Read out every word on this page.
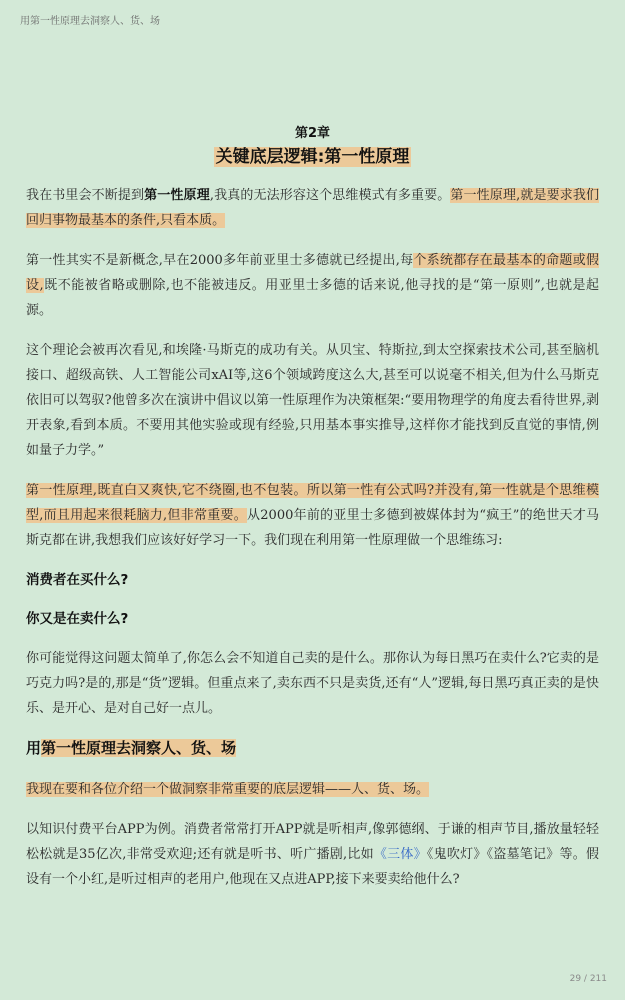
用第一性原理去洞察人、货、场
第2章
关键底层逻辑:第一性原理

我在书里会不断提到第一性原理,我真的无法形容这个思维模式有多重要。第一性原理,就是要求我们回归事物最基本的条件,只看本质。

第一性其实不是新概念,早在2000多年前亚里士多德就已经提出,每个系统都存在最基本的命题或假设,既不能被省略或删除,也不能被违反。用亚里士多德的话来说,他寻找的是“第一原则”,也就是起源。

这个理论会被再次看见,和埃隆·马斯克的成功有关。从贝宝、特斯拉,到太空探索技术公司,甚至脑机接口、超级高铁、人工智能公司xAI等,这6个领域跨度这么大,甚至可以说毫不相关,但为什么马斯克依旧可以驾驭?他曾多次在演讲中倡议以第一性原理作为决策框架:“要用物理学的角度去看待世界,剥开表象,看到本质。不要用其他实验或现有经验,只用基本事实推导,这样你才能找到反直觉的事情,例如量子力学。”

第一性原理,既直白又爽快,它不绕圈,也不包装。所以第一性有公式吗?并没有,第一性就是个思维模型,而且用起来很耗脑力,但非常重要。从2000年前的亚里士多德到被媒体封为“疯王”的绝世天才马斯克都在讲,我想我们应该好好学习一下。我们现在利用第一性原理做一个思维练习:

消费者在买什么?

你又是在卖什么?

你可能觉得这问题太简单了,你怎么会不知道自己卖的是什么。那你认为每日黑巧在卖什么?它卖的是巧克力吗?是的,那是“货”逻辑。但重点来了,卖东西不只是卖货,还有“人”逻辑,每日黑巧真正卖的是快乐、是开心、是对自己好一点儿。

用第一性原理去洞察人、货、场

我现在要和各位介绍一个做洞察非常重要的底层逻辑——人、货、场。

以知识付费平台APP为例。消费者常常打开APP就是听相声,像郭德纲、于谦的相声节目,播放量轻轻松松就是35亿次,非常受欢迎;还有就是听书、听广播剧,比如《三体》《鬼吹灯》《盗墓笔记》等。假设有一个小红,是听过相声的老用户,他现在又点进APP,接下来要卖给他什么?

29 / 211
